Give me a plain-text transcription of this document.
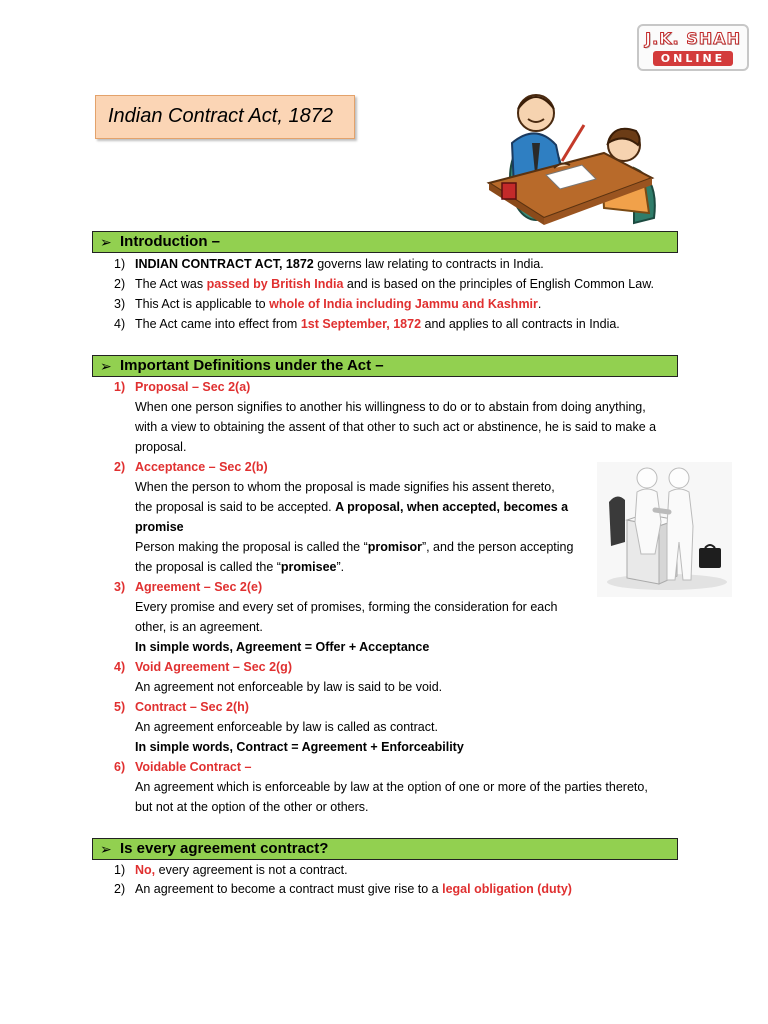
J.K. SHAH
ONLINE
Indian Contract Act, 1872
➢ Introduction –
1) INDIAN CONTRACT ACT, 1872 governs law relating to contracts in India.
2) The Act was passed by British India and is based on the principles of English Common Law.
3) This Act is applicable to whole of India including Jammu and Kashmir.
4) The Act came into effect from 1st September, 1872 and applies to all contracts in India.
➢ Important Definitions under the Act –
1) Proposal – Sec 2(a)
When one person signifies to another his willingness to do or to abstain from doing anything,
with a view to obtaining the assent of that other to such act or abstinence, he is said to make a
proposal.
2) Acceptance – Sec 2(b)
When the person to whom the proposal is made signifies his assent thereto,
the proposal is said to be accepted. A proposal, when accepted, becomes a
promise
Person making the proposal is called the “promisor”, and the person accepting
the proposal is called the “promisee”.
3) Agreement – Sec 2(e)
Every promise and every set of promises, forming the consideration for each
other, is an agreement.
In simple words, Agreement = Offer + Acceptance
4) Void Agreement – Sec 2(g)
An agreement not enforceable by law is said to be void.
5) Contract – Sec 2(h)
An agreement enforceable by law is called as contract.
In simple words, Contract = Agreement + Enforceability
6) Voidable Contract –
An agreement which is enforceable by law at the option of one or more of the parties thereto,
but not at the option of the other or others.
➢ Is every agreement contract?
1) No, every agreement is not a contract.
2) An agreement to become a contract must give rise to a legal obligation (duty)
